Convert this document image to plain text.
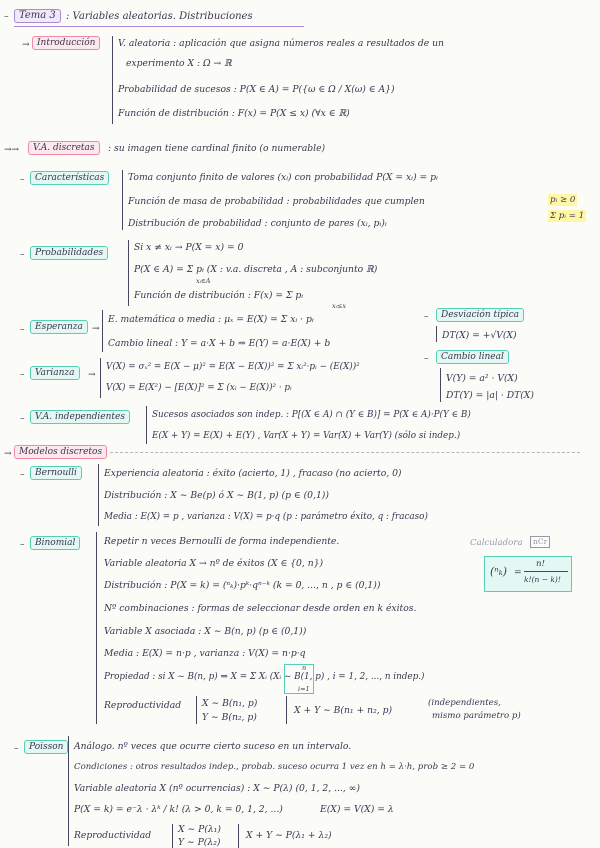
–	Tema 3	: Variables aleatorias. Distribuciones
→ Introducción	V. aleatoria : aplicación que asigna números reales a resultados de un
experimento X : Ω → ℝ
Probabilidad de sucesos : P(X ∈ A) = P({ω ∈ Ω / X(ω) ∈ A})
Función de distribución : F(x) = P(X ≤ x) (∀x ∈ ℝ)
→→	V.A. discretas	: su imagen tiene cardinal finito (o numerable)
–	Características	Toma conjunto finito de valores (xᵢ) con probabilidad P(X = xᵢ) = pᵢ
Función de masa de probabilidad : probabilidades que cumplen
Distribución de probabilidad : conjunto de pares (xᵢ, pᵢ)ᵢ
pᵢ ≥ 0
Σ pᵢ = 1
–	Probabilidades	Si x ≠ xᵢ → P(X = x) = 0
P(X ∈ A) = Σ pᵢ (X : v.a. discreta , A : subconjunto ℝ)
xᵢ∈A
Función de distribución : F(x) = Σ pᵢ
xᵢ≤x
–	Esperanza	→
E. matemática o media : μₓ = E(X) = Σ xᵢ · pᵢ
Cambio lineal : Y = a·X + b ⇒ E(Y) = a·E(X) + b
–	Desviación típica
DT(X) = +√V(X)
–	Varianza	→
V(X) = σₓ² = E(X − μ)² = E(X − E(X))² = Σ xᵢ²·pᵢ − (E(X))²
V(X) = E(X²) − [E(X)]² = Σ (xᵢ − E(X))² · pᵢ
–	Cambio lineal
V(Y) = a² · V(X)
DT(Y) = |a| · DT(X)
–	V.A. independientes	Sucesos asociados son indep. : P[(X ∈ A) ∩ (Y ∈ B)] = P(X ∈ A)·P(Y ∈ B)
E(X + Y) = E(X) + E(Y) , Var(X + Y) = Var(X) + Var(Y) (sólo si indep.)
→ Modelos discretos
–	Bernoulli	Experiencia aleatoria : éxito (acierto, 1) , fracaso (no acierto, 0)
Distribución : X ∼ Be(p) ó X ∼ B(1, p) (p ∈ (0,1))
Media : E(X) = p , varianza : V(X) = p·q (p : parámetro éxito, q : fracaso)
–	Binomial	Repetir n veces Bernoulli de forma independiente.	Calculadora	nCr
Variable aleatoria X → nº de éxitos (X ∈ {0, n})
Distribución : P(X = k) = (ⁿₖ)·pᵏ·qⁿ⁻ᵏ (k = 0, ..., n , p ∈ (0,1))
(ⁿₖ) =
n!
k!(n − k)!
Nº combinaciones : formas de seleccionar desde orden en k éxitos.
Variable X asociada : X ∼ B(n, p) (p ∈ (0,1))
Media : E(X) = n·p , varianza : V(X) = n·p·q
Propiedad : si X ∼ B(n, p) ⇒ X = Σ Xᵢ (Xᵢ ∼ B(1, p) , i = 1, 2, ..., n indep.)
n
i=1
Reproductividad X ∼ B(n₁, p)
Y ∼ B(n₂, p)
X + Y ∼ B(n₁ + n₂, p)
(independientes,
mismo parámetro p)
–	Poisson	Análogo. nº veces que ocurre cierto suceso en un intervalo.
Condiciones : otros resultados indep., probab. suceso ocurra 1 vez en h = λ·h, prob ≥ 2 = 0
Variable aleatoria X (nº ocurrencias) : X ∼ P(λ) (0, 1, 2, ..., ∞)
P(X = k) = e⁻λ · λᵏ / k! (λ > 0, k = 0, 1, 2, ...)	E(X) = V(X) = λ
Reproductividad
X ∼ P(λ₁)
Y ∼ P(λ₂)
X + Y ∼ P(λ₁ + λ₂)
